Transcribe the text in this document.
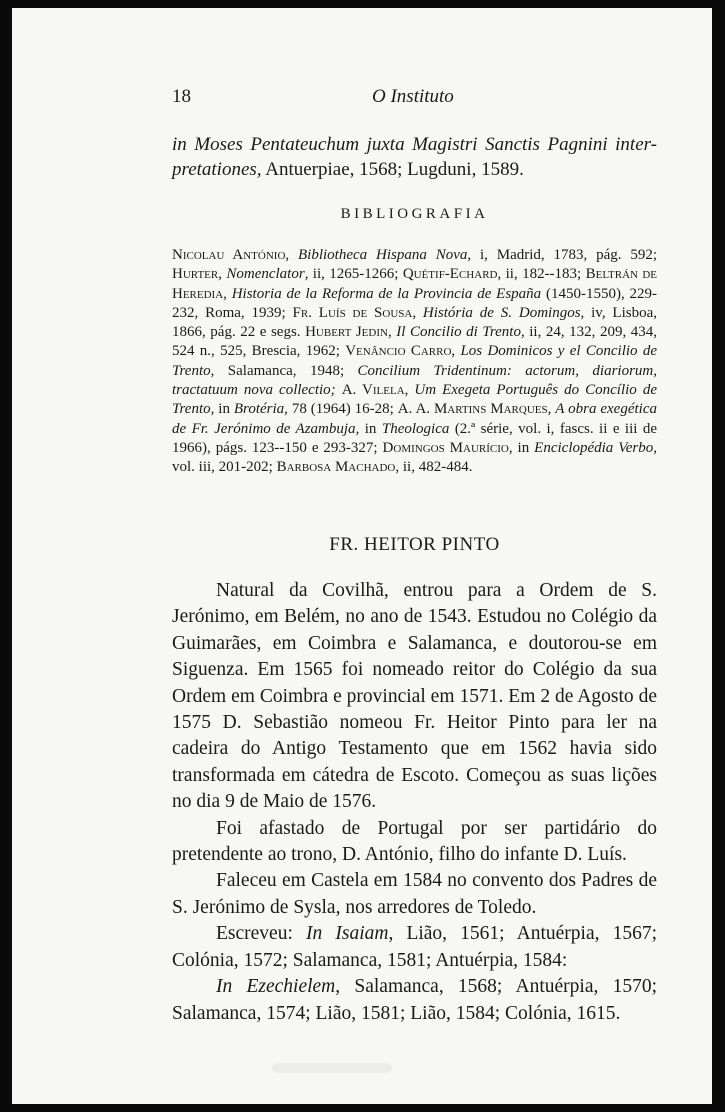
18	O Instituto

in Moses Pentateuchum juxta Magistri Sanctis Pagnini inter-

pretationes, Antuerpiae, 1568; Lugduni, 1589.

BIBLIOGRAFIA

Nicolau António, Bibliotheca Hispana Nova, i, Madrid, 1783, pág. 592; Hurter, Nomenclator, ii, 1265-1266; Quétif-Echard, ii, 182--183; Beltrán de Heredia, Historia de la Reforma de la Provincia de España (1450-1550), 229-232, Roma, 1939; Fr. Luís de Sousa, História de S. Domingos, iv, Lisboa, 1866, pág. 22 e segs. Hubert Jedin, Il Concilio di Trento, ii, 24, 132, 209, 434, 524 n., 525, Brescia, 1962; Venâncio Carro, Los Dominicos y el Concilio de Trento, Salamanca, 1948; Concilium Tridentinum: actorum, diariorum, tractatuum nova collectio; A. Vilela, Um Exegeta Português do Concílio de Trento, in Brotéria, 78 (1964) 16-28; A. A. Martins Marques, A obra exegética de Fr. Jerónimo de Azambuja, in Theologica (2.ª série, vol. i, fascs. ii e iii de 1966), págs. 123--150 e 293-327; Domingos Maurício, in Enciclopédia Verbo, vol. iii, 201-202; Barbosa Machado, ii, 482-484.

FR. HEITOR PINTO

Natural da Covilhã, entrou para a Ordem de S. Jerónimo, em Belém, no ano de 1543. Estudou no Colégio da Guimarães, em Coimbra e Salamanca, e doutorou-se em Siguenza. Em 1565 foi nomeado reitor do Colégio da sua Ordem em Coimbra e provincial em 1571. Em 2 de Agosto de 1575 D. Sebastião nomeou Fr. Heitor Pinto para ler na cadeira do Antigo Testamento que em 1562 havia sido transformada em cátedra de Escoto. Começou as suas lições no dia 9 de Maio de 1576.

Foi afastado de Portugal por ser partidário do pretendente ao trono, D. António, filho do infante D. Luís.

Faleceu em Castela em 1584 no convento dos Padres de S. Jerónimo de Sysla, nos arredores de Toledo.

Escreveu: In Isaiam, Lião, 1561; Antuérpia, 1567; Colónia, 1572; Salamanca, 1581; Antuérpia, 1584:

In Ezechielem, Salamanca, 1568; Antuérpia, 1570; Salamanca, 1574; Lião, 1581; Lião, 1584; Colónia, 1615.
